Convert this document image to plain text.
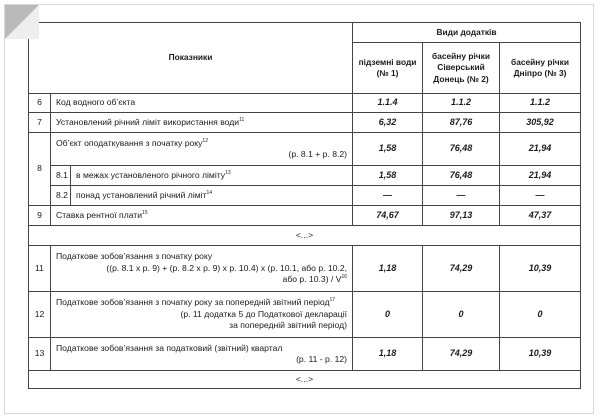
Показники			Види додатків		
			підземні води (№ 1)	басейну річки Сіверський Донець (№ 2)	басейну річки Дніпро (№ 3)
6	Код водного об’єкта		1.1.4	1.1.2	1.1.2
7	Установлений річний ліміт використання води$^{11}$		6,32	87,76	305,92
8	Об’єкт оподаткування з початку року$^{12}$
(р. 8.1 + р. 8.2)		1,58	76,48	21,94
	8.1	в межах установленого річного ліміту$^{13}$	1,58	76,48	21,94
	8.2	понад установлений річний ліміт$^{14}$	—	—	—
9	Ставка рентної плати$^{15}$		74,67	97,13	47,37
<...>					
11	Податкове зобов’язання з початку року
((р. 8.1 х р. 9) + (р. 8.2 х р. 9) х р. 10.4) х (р. 10.1, або р. 10.2,
або р. $10.3) / V^{16}$		1,18	74,29	10,39
12	Податкове зобов’язання з початку року за попередній звітний період$^{17}$
(р. 11 додатка 5 до Податкової декларації
за попередній звітний період)		0	0	0
13	Податкове зобов’язання за податковий (звітний) квартал
(р. 11 - р. 12)		1,18	74,29	10,39
<...>					
